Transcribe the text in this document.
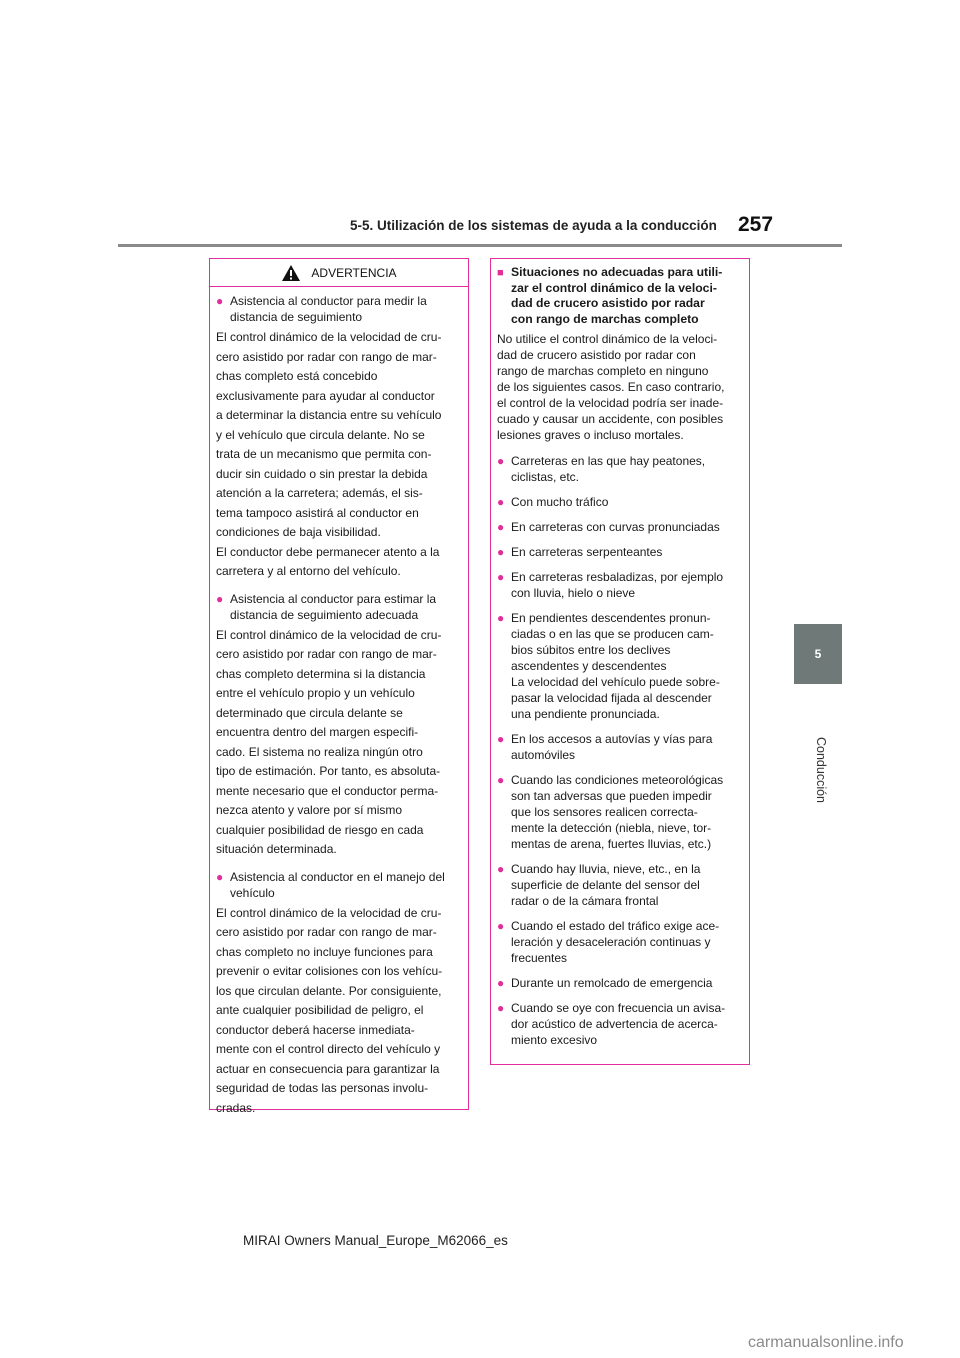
5-5. Utilización de los sistemas de ayuda a la conducción 257
5
Conducción
ADVERTENCIA
● Asistencia al conductor para medir la distancia de seguimiento
El control dinámico de la velocidad de cru-
cero asistido por radar con rango de mar-
chas completo está concebido
exclusivamente para ayudar al conductor
a determinar la distancia entre su vehículo
y el vehículo que circula delante. No se
trata de un mecanismo que permita con-
ducir sin cuidado o sin prestar la debida
atención a la carretera; además, el sis-
tema tampoco asistirá al conductor en
condiciones de baja visibilidad.
El conductor debe permanecer atento a la
carretera y al entorno del vehículo.
● Asistencia al conductor para estimar la distancia de seguimiento adecuada
El control dinámico de la velocidad de cru-
cero asistido por radar con rango de mar-
chas completo determina si la distancia
entre el vehículo propio y un vehículo
determinado que circula delante se
encuentra dentro del margen especifi-
cado. El sistema no realiza ningún otro
tipo de estimación. Por tanto, es absoluta-
mente necesario que el conductor perma-
nezca atento y valore por sí mismo
cualquier posibilidad de riesgo en cada
situación determinada.
● Asistencia al conductor en el manejo del vehículo
El control dinámico de la velocidad de cru-
cero asistido por radar con rango de mar-
chas completo no incluye funciones para
prevenir o evitar colisiones con los vehícu-
los que circulan delante. Por consiguiente,
ante cualquier posibilidad de peligro, el
conductor deberá hacerse inmediata-
mente con el control directo del vehículo y
actuar en consecuencia para garantizar la
seguridad de todas las personas involu-
cradas.
■ Situaciones no adecuadas para utili-
zar el control dinámico de la veloci-
dad de crucero asistido por radar
con rango de marchas completo
No utilice el control dinámico de la veloci-
dad de crucero asistido por radar con
rango de marchas completo en ninguno
de los siguientes casos. En caso contrario,
el control de la velocidad podría ser inade-
cuado y causar un accidente, con posibles
lesiones graves o incluso mortales.
● Carreteras en las que hay peatones,
ciclistas, etc.
● Con mucho tráfico
● En carreteras con curvas pronunciadas
● En carreteras serpenteantes
● En carreteras resbaladizas, por ejemplo
con lluvia, hielo o nieve
● En pendientes descendentes pronun-
ciadas o en las que se producen cam-
bios súbitos entre los declives
ascendentes y descendentes
La velocidad del vehículo puede sobre-
pasar la velocidad fijada al descender
una pendiente pronunciada.
● En los accesos a autovías y vías para
automóviles
● Cuando las condiciones meteorológicas
son tan adversas que pueden impedir
que los sensores realicen correcta-
mente la detección (niebla, nieve, tor-
mentas de arena, fuertes lluvias, etc.)
● Cuando hay lluvia, nieve, etc., en la
superficie de delante del sensor del
radar o de la cámara frontal
● Cuando el estado del tráfico exige ace-
leración y desaceleración continuas y
frecuentes
● Durante un remolcado de emergencia
● Cuando se oye con frecuencia un avisa-
dor acústico de advertencia de acerca-
miento excesivo
MIRAI Owners Manual_Europe_M62066_es
carmanualsonline.info
